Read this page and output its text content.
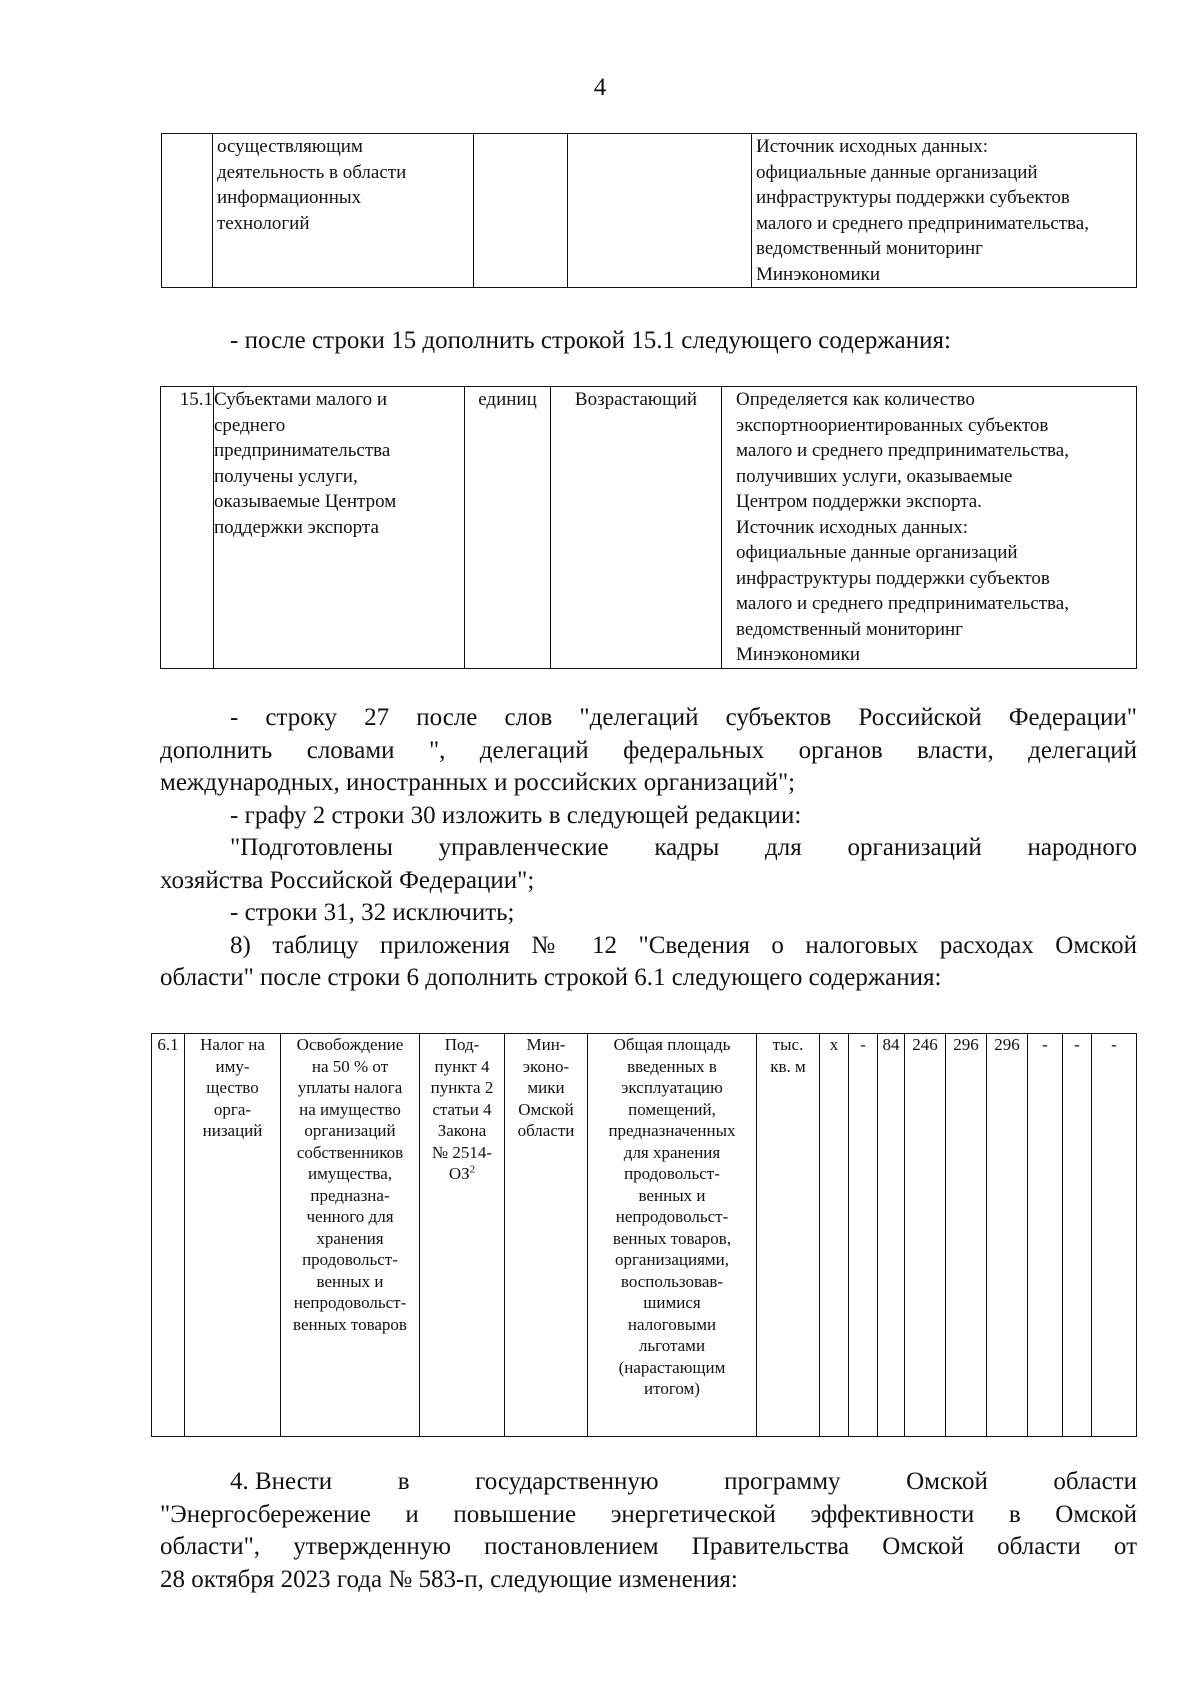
4
	осуществляющим
деятельность в области
информационных
технологий			Источник исходных данных:
официальные данные организаций
инфраструктуры поддержки субъектов
малого и среднего предпринимательства,
ведомственный мониторинг
Минэкономики
- после строки 15 дополнить строкой 15.1 следующего содержания:
15.1	Субъектами малого и
среднего
предпринимательства
получены услуги,
оказываемые Центром
поддержки экспорта	единиц	Возрастающий	Определяется как количество
экспортноориентированных субъектов
малого и среднего предпринимательства,
получивших услуги, оказываемые
Центром поддержки экспорта.
Источник исходных данных:
официальные данные организаций
инфраструктуры поддержки субъектов
малого и среднего предпринимательства,
ведомственный мониторинг
Минэкономики
- строку 27 после слов "делегаций субъектов Российской Федерации"
дополнить словами ", делегаций федеральных органов власти, делегаций
международных, иностранных и российских организаций";
- графу 2 строки 30 изложить в следующей редакции:
"Подготовлены управленческие кадры для организаций народного
хозяйства Российской Федерации";
- строки 31, 32 исключить;
8) таблицу приложения № 12 "Сведения о налоговых расходах Омской
области" после строки 6 дополнить строкой 6.1 следующего содержания:
6.1	Налог на
иму-
щество
орга-
низаций	Освобождение
на 50 % от
уплаты налога
на имущество
организаций
собственников
имущества,
предназна-
ченного для
хранения
продовольст-
венных и
непродовольст-
венных товаров	Под-
пункт 4
пункта 2
статьи 4
Закона
№ 2514-
$ОЗ^2$	Мин-
эконо-
мики
Омской
области	Общая площадь
введенных в
эксплуатацию
помещений,
предназначенных
для хранения
продовольст-
венных и
непродовольст-
венных товаров,
организациями,
воспользовав-
шимися
налоговыми
льготами
(нарастающим
итогом)	тыс.
кв. м	х	-	84	246	296	296	-	-	-
4. Внести	в	государственную	программу	Омской	области
"Энергосбережение и повышение энергетической эффективности в Омской
области", утвержденную постановлением Правительства Омской области от
28 октября 2023 года № 583-п, следующие изменения:
